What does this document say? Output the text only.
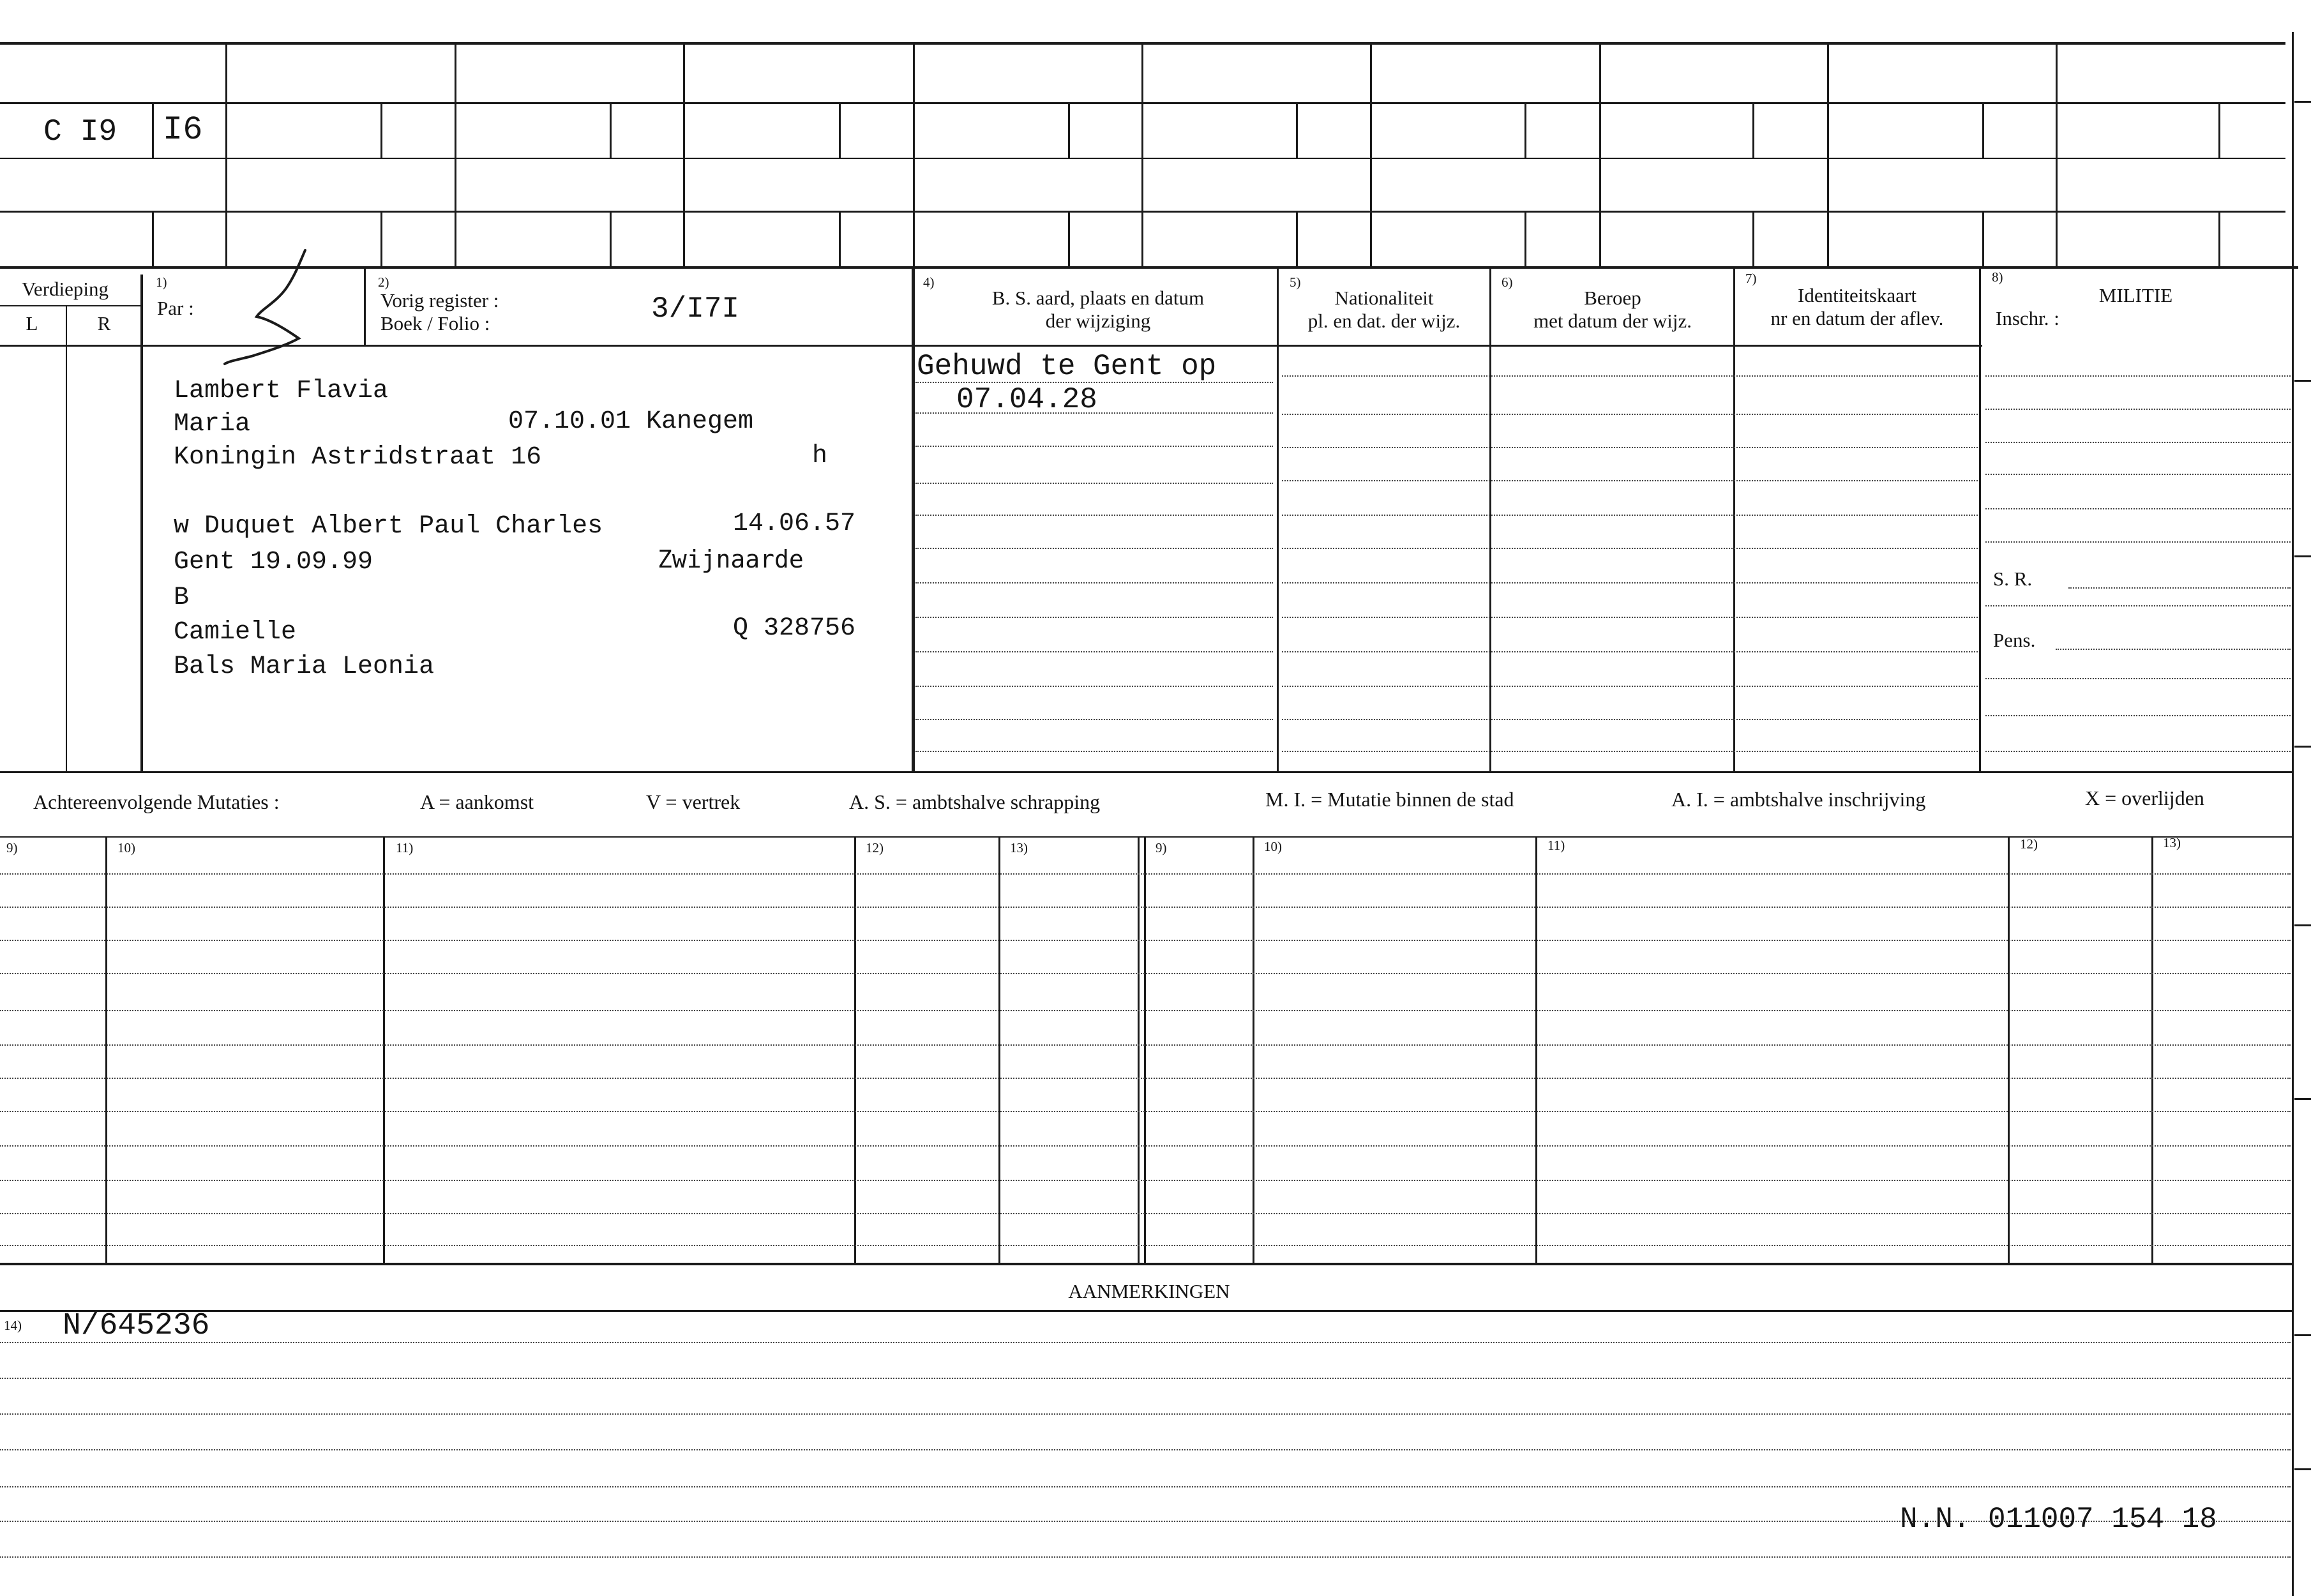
C I9 I6
Verdieping
L	R
1)
Par :
2)
Vorig register :
Boek / Folio :	3/I7I
4)
B. S. aard, plaats en datum
der wijziging
5)
Nationaliteit
pl. en dat. der wijz.
6)
Beroep
met datum der wijz.
7)
Identiteitskaart
nr en datum der aflev.
8)
MILITIE
Inschr. :
Lambert Flavia
Maria	07.10.01 Kanegem
Koningin Astridstraat 16	h
w Duquet Albert Paul Charles	14.06.57
Gent 19.09.99	Zwijnaarde
B
Camielle	Q 328756
Bals Maria Leonia
Gehuwd te Gent op
07.04.28
S. R.
Pens.
Achtereenvolgende Mutaties :	A = aankomst	V = vertrek	A. S. = ambtshalve schrapping	M. I. = Mutatie binnen de stad	A. I. = ambtshalve inschrijving	X = overlijden
9)	10)	11)	12)	13)	9)	10)	11)	12)	13)
AANMERKINGEN
14) N/645236
N.N. 011007 154 18
